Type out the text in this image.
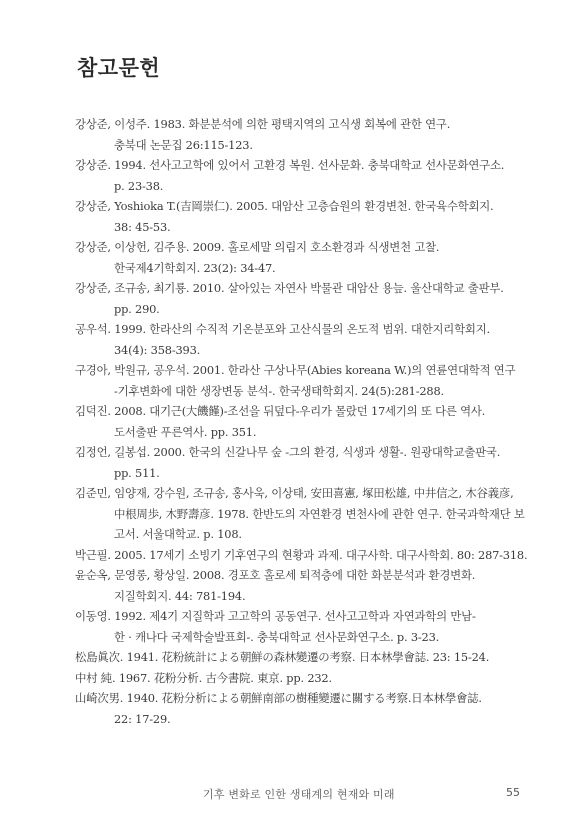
참고문헌
강상준, 이성주. 1983. 화분분석에 의한 평택지역의 고식생 회복에 관한 연구.
충북대 논문집 26:115-123.
강상준. 1994. 선사고고학에 있어서 고환경 복원. 선사문화. 충북대학교 선사문화연구소.
p. 23-38.
강상준, Yoshioka T.(吉岡崇仁). 2005. 대암산 고층습원의 환경변천. 한국육수학회지.
38: 45-53.
강상준, 이상헌, 김주용. 2009. 홀로세말 의림지 호소환경과 식생변천 고찰.
한국제4기학회지. 23(2): 34-47.
강상준, 조규송, 최기룡. 2010. 살아있는 자연사 박물관 대암산 용늪. 울산대학교 출판부.
pp. 290.
공우석. 1999. 한라산의 수직적 기온분포와 고산식물의 온도적 범위. 대한지리학회지.
34(4): 358-393.
구경아, 박원규, 공우석. 2001. 한라산 구상나무(Abies koreana W.)의 연륜연대학적 연구
-기후변화에 대한 생장변동 분석-. 한국생태학회지. 24(5):281-288.
김덕진. 2008. 대기근(大饑饉)-조선을 뒤덮다-우리가 몰랐던 17세기의 또 다른 역사.
도서출판 푸른역사. pp. 351.
김정언, 길봉섭. 2000. 한국의 신갈나무 숲 -그의 환경, 식생과 생활-. 원광대학교출판국.
pp. 511.
김준민, 임양재, 강수원, 조규송, 홍사욱, 이상태, 安田喜憲, 塚田松雄, 中井信之, 木谷義彦,
中根周歩, 木野壽彦. 1978. 한반도의 자연환경 변천사에 관한 연구. 한국과학재단 보
고서. 서울대학교. p. 108.
박근필. 2005. 17세기 소빙기 기후연구의 현황과 과제. 대구사학. 대구사학회. 80: 287-318.
윤순옥, 문영롱, 황상일. 2008. 경포호 홀로세 퇴적층에 대한 화분분석과 환경변화.
지질학회지. 44: 781-194.
이동영. 1992. 제4기 지질학과 고고학의 공동연구. 선사고고학과 자연과학의 만남-
한 · 캐나다 국제학술발표회-. 충북대학교 선사문화연구소. p. 3-23.
松島眞次. 1941. 花粉統計による朝鮮の森林變遷の考察. 日本林學會誌. 23: 15-24.
中村 純. 1967. 花粉分析. 古今書院. 東京. pp. 232.
山崎次男. 1940. 花粉分析による朝鮮南部の樹種變遷に關する考察.日本林學會誌.
22: 17-29.
기후 변화로 인한 생태계의 현재와 미래	55
